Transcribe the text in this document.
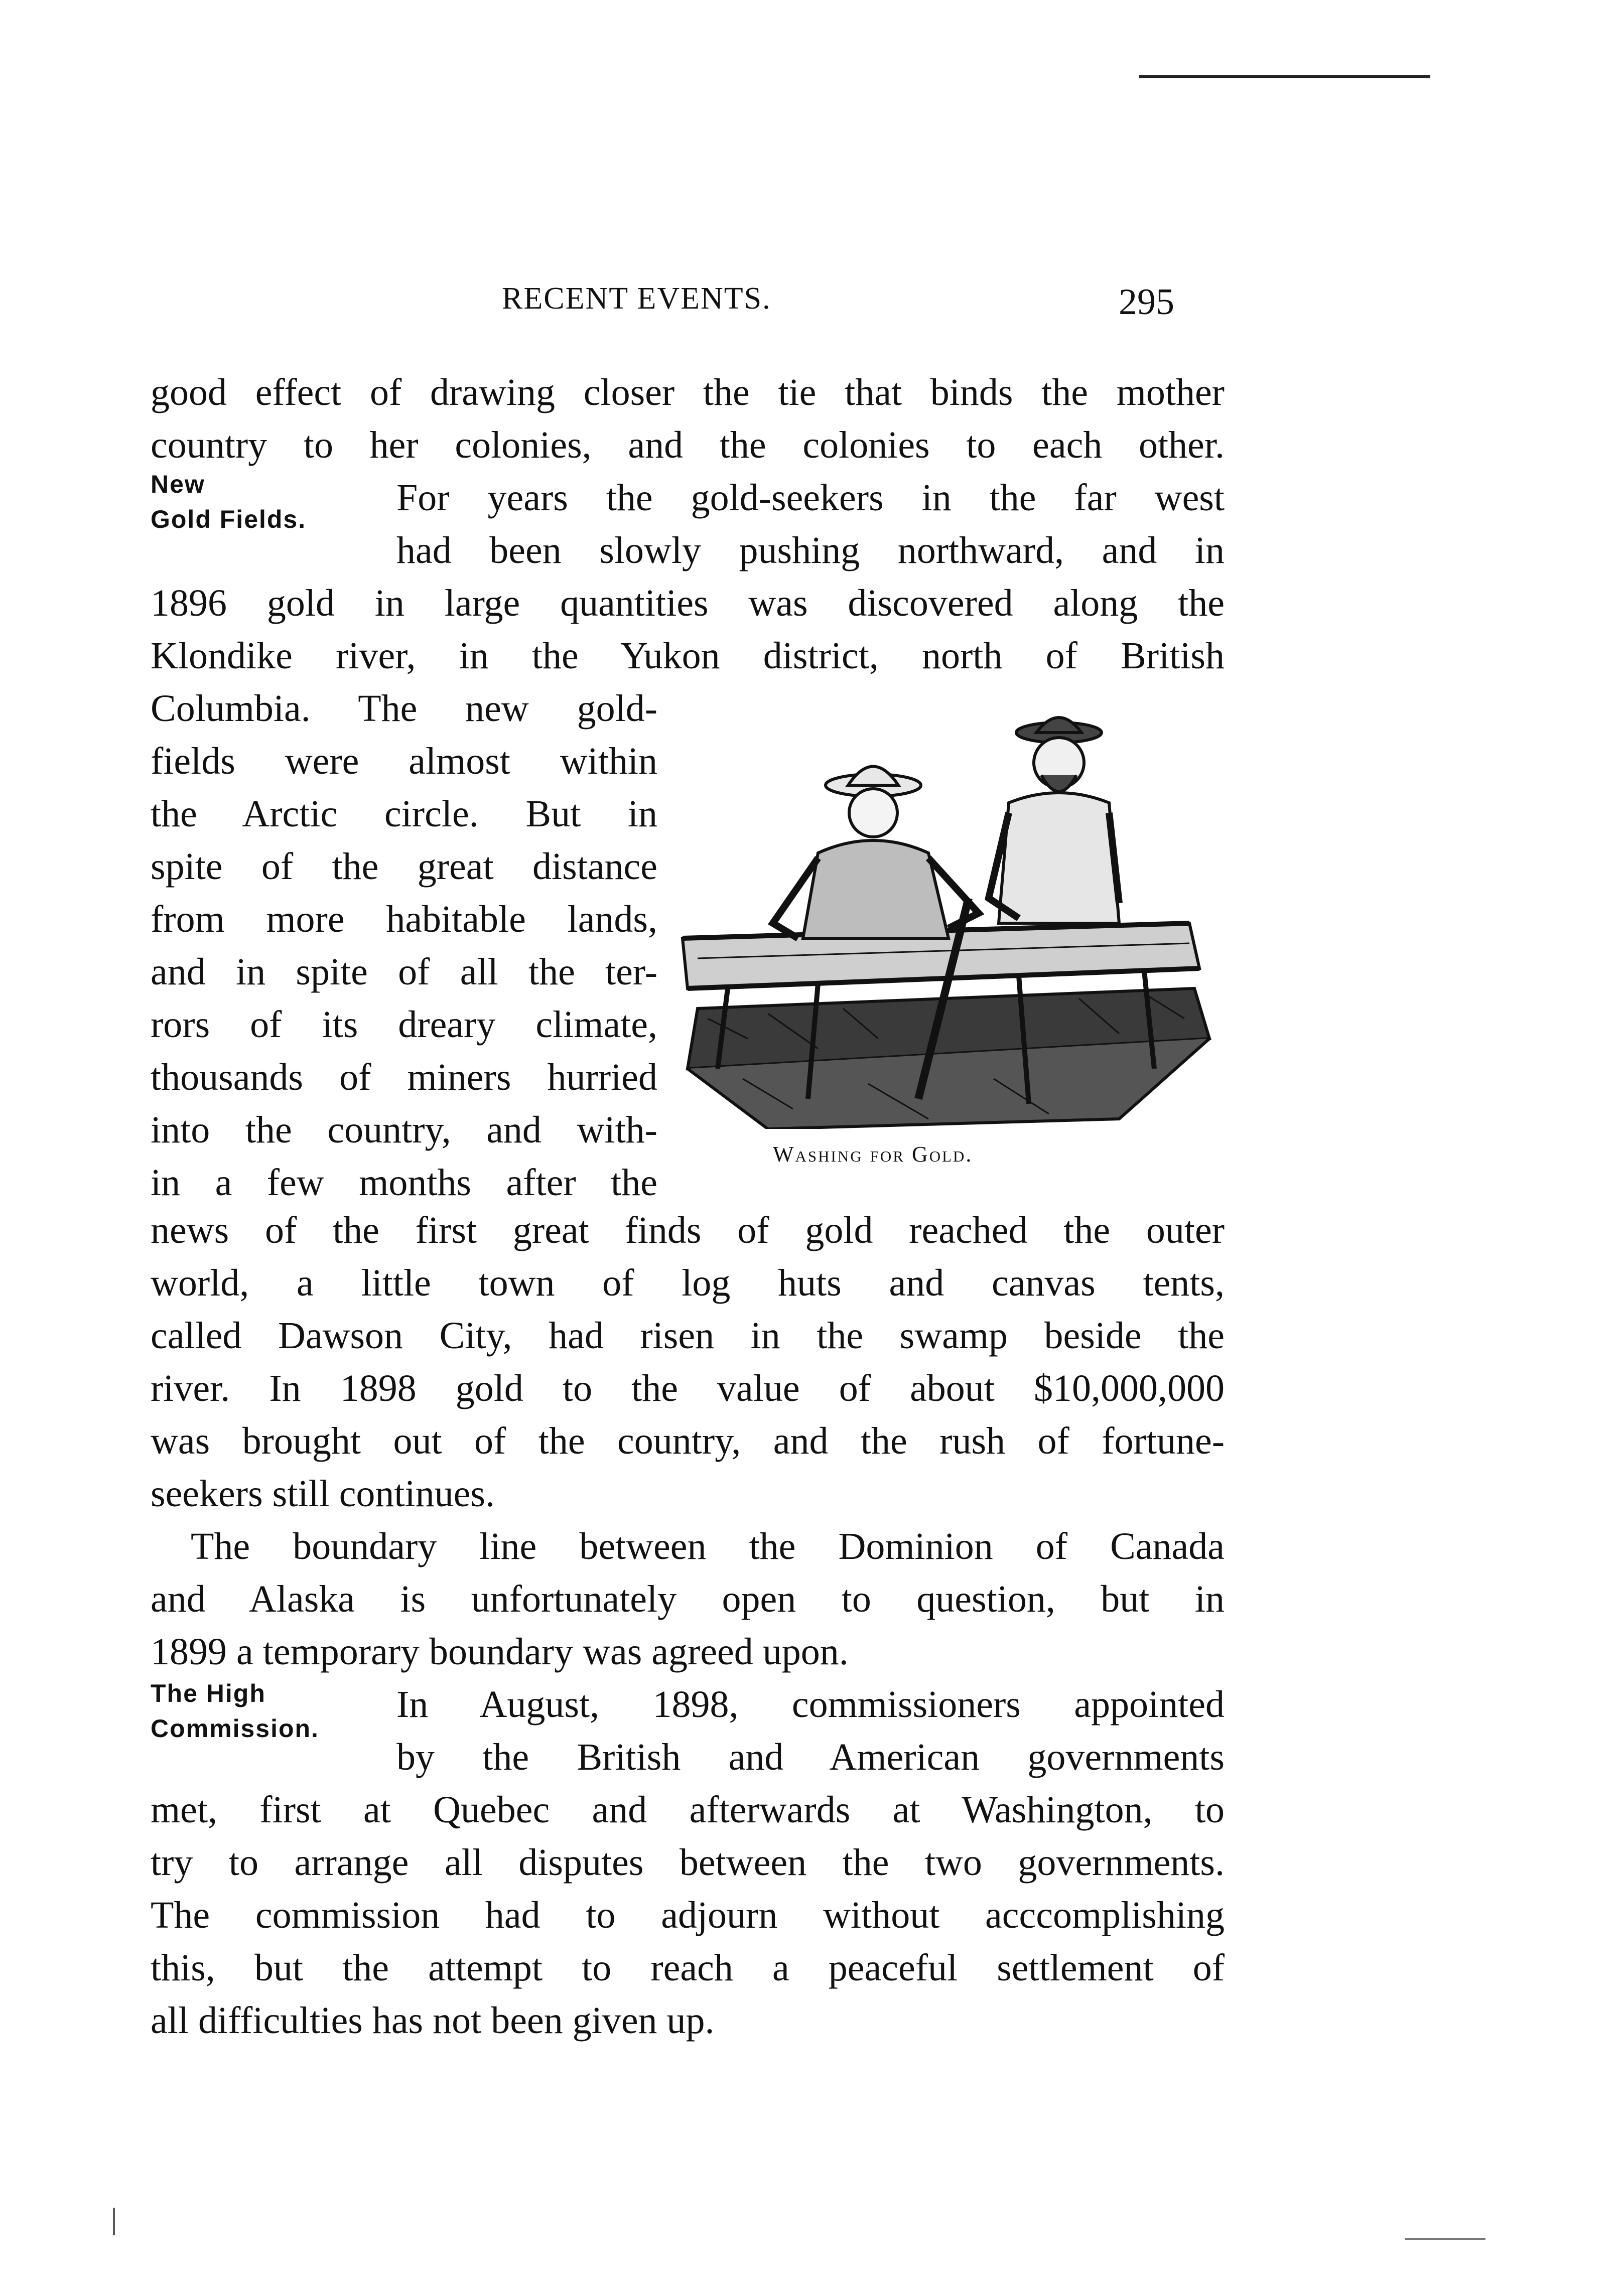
RECENT EVENTS.	295
good effect of drawing closer the tie that binds the mother
country to her colonies, and the colonies to each other.
New
Gold Fields.
For years the gold-seekers in the far west
had been slowly pushing northward, and in
1896 gold in large quantities was discovered along the
Klondike river, in the Yukon district, north of British
Columbia. The new gold-
fields were almost within
the Arctic circle. But in
spite of the great distance
from more habitable lands,
and in spite of all the ter-
rors of its dreary climate,
thousands of miners hurried
into the country, and with-
in a few months after the
Washing for Gold.
news of the first great finds of gold reached the outer
world, a little town of log huts and canvas tents,
called Dawson City, had risen in the swamp beside the
river. In 1898 gold to the value of about $10,000,000
was brought out of the country, and the rush of fortune-
seekers still continues.
The boundary line between the Dominion of Canada
and Alaska is unfortunately open to question, but in
1899 a temporary boundary was agreed upon.
The High
Commission.
In August, 1898, commissioners appointed
by the British and American governments
met, first at Quebec and afterwards at Washington, to
try to arrange all disputes between the two governments.
The commission had to adjourn without acccomplishing
this, but the attempt to reach a peaceful settlement of
all difficulties has not been given up.
